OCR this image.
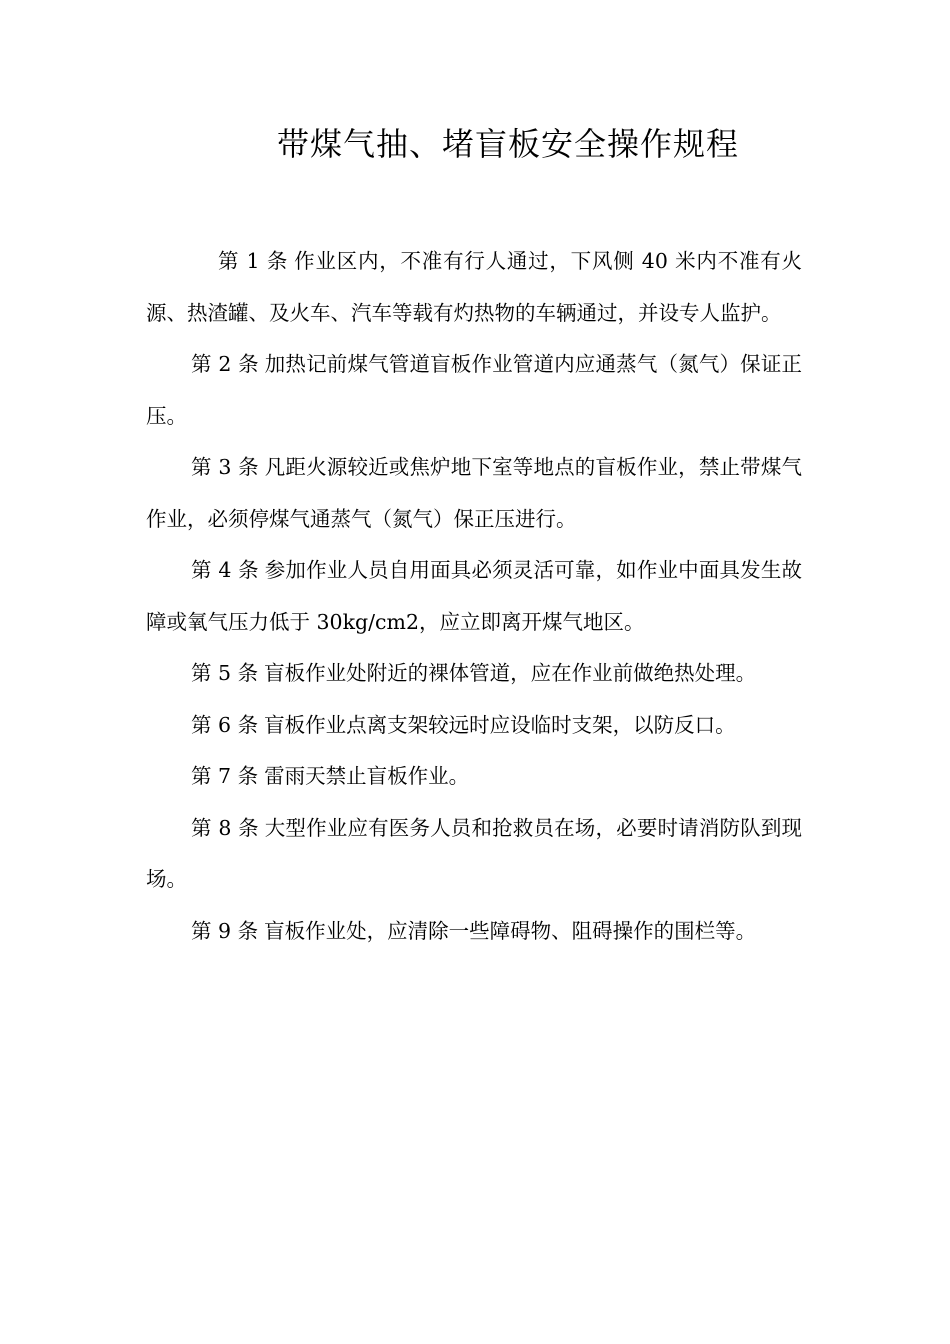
带煤气抽、堵盲板安全操作规程

第 1 条 作业区内，不准有行人通过，下风侧 40 米内不准有火源、热渣罐、及火车、汽车等载有灼热物的车辆通过，并设专人监护。

第 2 条 加热记前煤气管道盲板作业管道内应通蒸气（氮气）保证正压。

第 3 条 凡距火源较近或焦炉地下室等地点的盲板作业，禁止带煤气作业，必须停煤气通蒸气（氮气）保正压进行。

第 4 条 参加作业人员自用面具必须灵活可靠，如作业中面具发生故障或氧气压力低于 30kg/cm2，应立即离开煤气地区。

第 5 条 盲板作业处附近的裸体管道，应在作业前做绝热处理。

第 6 条 盲板作业点离支架较远时应设临时支架，以防反口。

第 7 条 雷雨天禁止盲板作业。

第 8 条 大型作业应有医务人员和抢救员在场，必要时请消防队到现场。

第 9 条 盲板作业处，应清除一些障碍物、阻碍操作的围栏等。
